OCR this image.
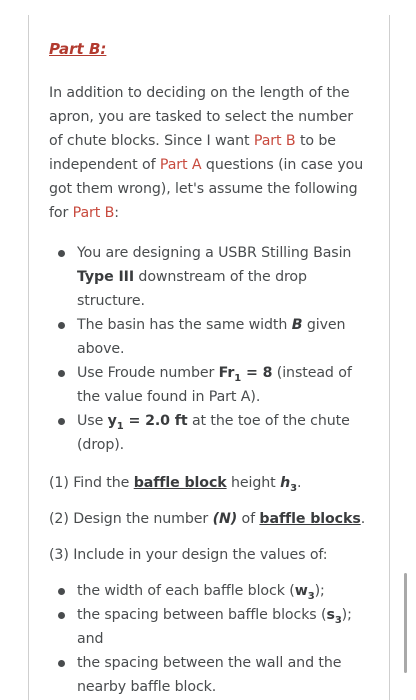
Part B:

In addition to deciding on the length of the apron, you are tasked to select the number of chute blocks. Since I want Part B to be independent of Part A questions (in case you got them wrong), let's assume the following for Part B:

You are designing a USBR Stilling Basin Type III downstream of the drop structure.
The basin has the same width B given above.
Use Froude number $Fr_1 = 8$ (instead of the value found in Part A).
Use $y_1 = 2.0$ ft at the toe of the chute (drop).

(1) Find the baffle block height $h_3$.

(2) Design the number (N) of baffle blocks.

(3) Include in your design the values of:

the width of each baffle block $(w_3)$;
the spacing between baffle blocks $(s_3)$; and
the spacing between the wall and the nearby baffle block.
